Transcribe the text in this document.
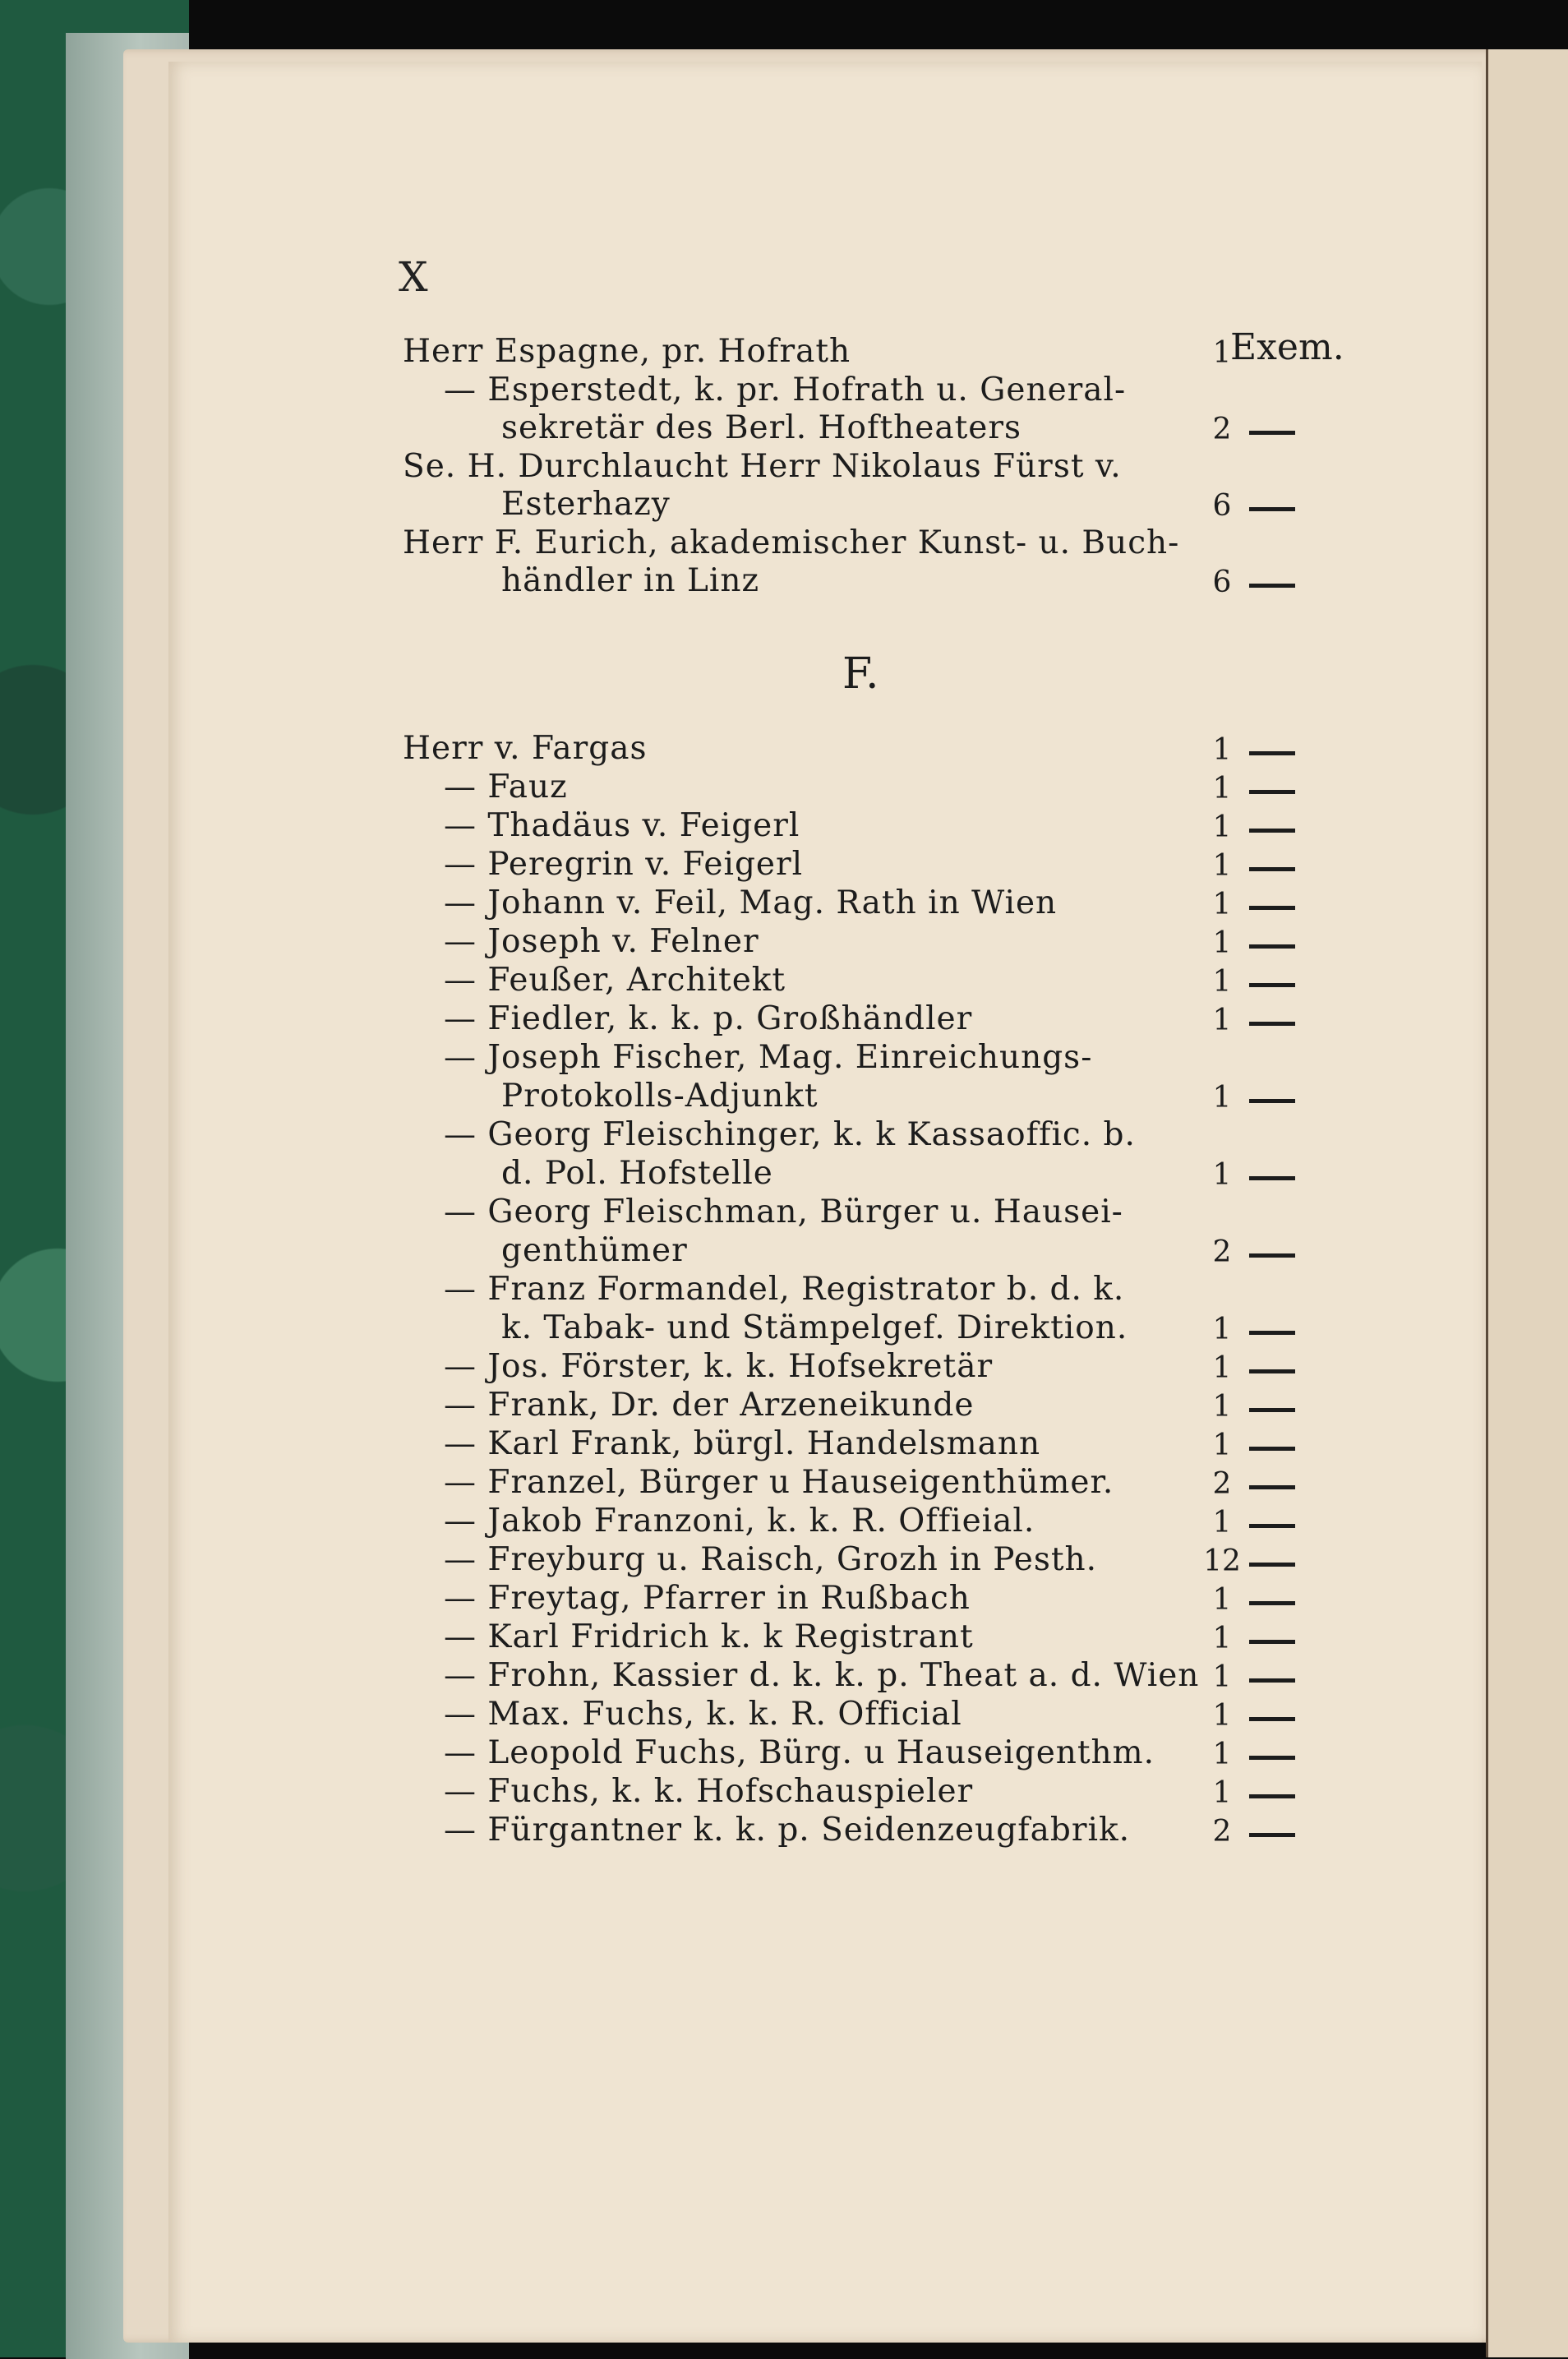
X
Herr Espagne, pr. Hofrath	1
Exem.
— Esperstedt, k. pr. Hofrath u. General-
sekretär des Berl. Hoftheaters	2
Se. H. Durchlaucht Herr Nikolaus Fürst v.
Esterhazy	6
Herr F. Eurich, akademischer Kunst- u. Buch-
händler in Linz	6
Herr v. Fargas	1
— Fauz	1
— Thadäus v. Feigerl	1
— Peregrin v. Feigerl	1
— Johann v. Feil, Mag. Rath in Wien	1
— Joseph v. Felner	1
— Feußer, Architekt	1
— Fiedler, k. k. p. Großhändler	1
— Joseph Fischer, Mag. Einreichungs-
Protokolls-Adjunkt	1
— Georg Fleischinger, k. k Kassaoffic. b.
d. Pol. Hofstelle	1
— Georg Fleischman, Bürger u. Hausei-
genthümer	2
— Franz Formandel, Registrator b. d. k.
k. Tabak- und Stämpelgef. Direktion.	1
— Jos. Förster, k. k. Hofsekretär	1
— Frank, Dr. der Arzeneikunde	1
— Karl Frank, bürgl. Handelsmann	1
— Franzel, Bürger u Hauseigenthümer.	2
— Jakob Franzoni, k. k. R. Offieial.	1
— Freyburg u. Raisch, Grozh in Pesth.	12
— Freytag, Pfarrer in Rußbach	1
— Karl Fridrich k. k Registrant	1
— Frohn, Kassier d. k. k. p. Theat a. d. Wien 1
— Max. Fuchs, k. k. R. Official	1
— Leopold Fuchs, Bürg. u Hauseigenthm.	1
— Fuchs, k. k. Hofschauspieler	1
— Fürgantner k. k. p. Seidenzeugfabrik.	2
F.
